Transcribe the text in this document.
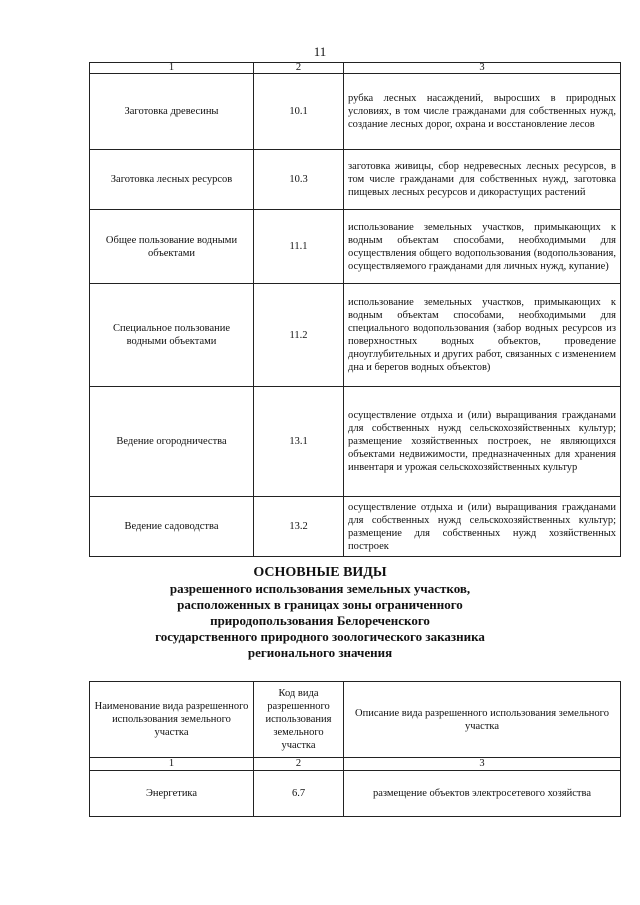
11
1	2	3
Заготовка древесины	10.1	рубка лесных насаждений, выросших в природных условиях, в том числе гражданами для собственных нужд, создание лесных дорог, охрана и восстановление лесов
Заготовка лесных ресурсов	10.3	заготовка живицы, сбор недревесных лесных ресурсов, в том числе гражданами для собственных нужд, заготовка пищевых лесных ресурсов и дикорастущих растений
Общее пользование водными объектами	11.1	использование земельных участков, примыкающих к водным объектам способами, необходимыми для осуществления общего водопользования (водопользования, осуществляемого гражданами для личных нужд, купание)
Специальное пользование водными объектами	11.2	использование земельных участков, примыкающих к водным объектам способами, необходимыми для специального водопользования (забор водных ресурсов из поверхностных водных объектов, проведение дноуглубительных и других работ, связанных с изменением дна и берегов водных объектов)
Ведение огородничества	13.1	осуществление отдыха и (или) выращивания гражданами для собственных нужд сельскохозяйственных культур; размещение хозяйственных построек, не являющихся объектами недвижимости, предназначенных для хранения инвентаря и урожая сельскохозяйственных культур
Ведение садоводства	13.2	осуществление отдыха и (или) выращивания гражданами для собственных нужд сельскохозяйственных культур; размещение для собственных нужд хозяйственных построек
ОСНОВНЫЕ ВИДЫ
разрешенного использования земельных участков,
расположенных в границах зоны ограниченного
природопользования Белореченского
государственного природного зоологического заказника
регионального значения
Наименование вида разрешенного использования земельного участка	Код вида разрешенного использования земельного участка	Описание вида разрешенного использования земельного участка
1	2	3
Энергетика	6.7	размещение объектов электросетевого хозяйства
